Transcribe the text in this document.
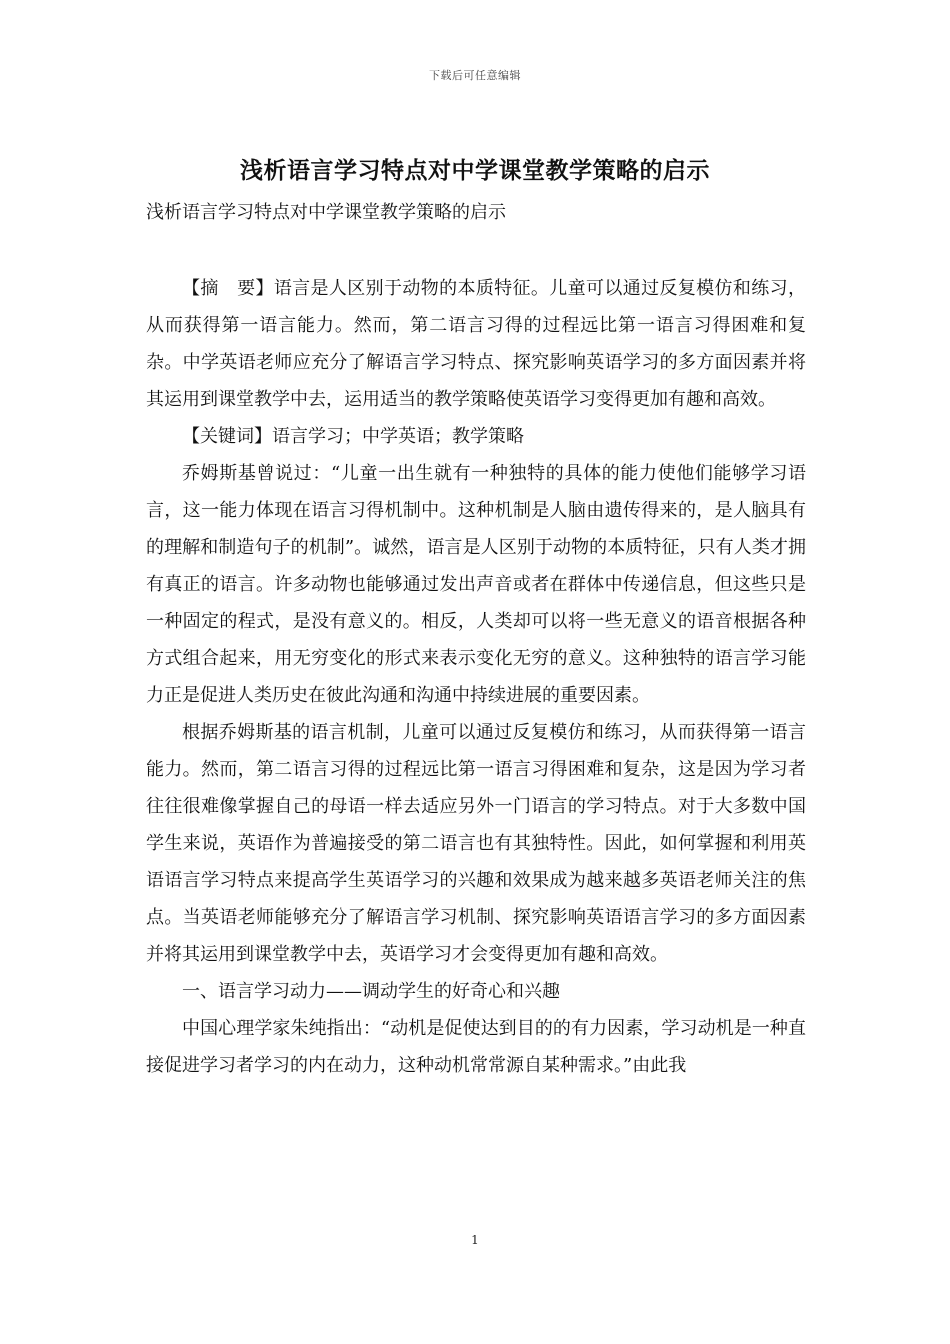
下载后可任意编辑
浅析语言学习特点对中学课堂教学策略的启示
浅析语言学习特点对中学课堂教学策略的启示

【摘　要】语言是人区别于动物的本质特征。儿童可以通过反复模仿和练习，从而获得第一语言能力。然而，第二语言习得的过程远比第一语言习得困难和复杂。中学英语老师应充分了解语言学习特点、探究影响英语学习的多方面因素并将其运用到课堂教学中去，运用适当的教学策略使英语学习变得更加有趣和高效。

【关键词】语言学习；中学英语；教学策略

乔姆斯基曾说过：“儿童一出生就有一种独特的具体的能力使他们能够学习语言，这一能力体现在语言习得机制中。这种机制是人脑由遗传得来的，是人脑具有的理解和制造句子的机制”。诚然，语言是人区别于动物的本质特征，只有人类才拥有真正的语言。许多动物也能够通过发出声音或者在群体中传递信息，但这些只是一种固定的程式，是没有意义的。相反，人类却可以将一些无意义的语音根据各种方式组合起来，用无穷变化的形式来表示变化无穷的意义。这种独特的语言学习能力正是促进人类历史在彼此沟通和沟通中持续进展的重要因素。

根据乔姆斯基的语言机制，儿童可以通过反复模仿和练习，从而获得第一语言能力。然而，第二语言习得的过程远比第一语言习得困难和复杂，这是因为学习者往往很难像掌握自己的母语一样去适应另外一门语言的学习特点。对于大多数中国学生来说，英语作为普遍接受的第二语言也有其独特性。因此，如何掌握和利用英语语言学习特点来提高学生英语学习的兴趣和效果成为越来越多英语老师关注的焦点。当英语老师能够充分了解语言学习机制、探究影响英语语言学习的多方面因素并将其运用到课堂教学中去，英语学习才会变得更加有趣和高效。

一、语言学习动力——调动学生的好奇心和兴趣

中国心理学家朱纯指出：“动机是促使达到目的的有力因素，学习动机是一种直接促进学习者学习的内在动力，这种动机常常源自某种需求。”由此我

1
